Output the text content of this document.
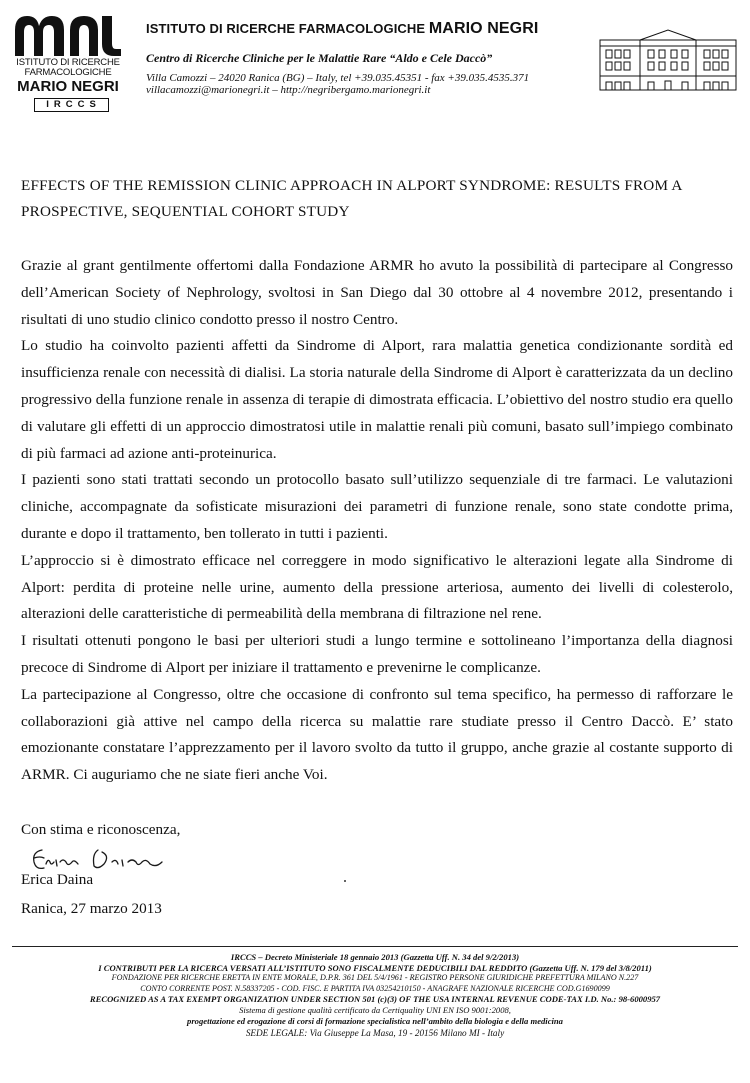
ISTITUTO DI RICERCHE
FARMACOLOGICHE
MARIO NEGRI
IRCCS
ISTITUTO DI RICERCHE FARMACOLOGICHE MARIO NEGRI
Centro di Ricerche Cliniche per le Malattie Rare “Aldo e Cele Daccò”
Villa Camozzi – 24020 Ranica (BG) – Italy, tel +39.035.45351 - fax +39.035.4535.371
villacamozzi@marionegri.it – http://negribergamo.marionegri.it
EFFECTS OF THE REMISSION CLINIC APPROACH IN ALPORT SYNDROME: RESULTS FROM A PROSPECTIVE, SEQUENTIAL COHORT STUDY

Grazie al grant gentilmente offertomi dalla Fondazione ARMR ho avuto la possibilità di partecipare al Congresso dell’American Society of Nephrology, svoltosi in San Diego dal 30 ottobre al 4 novembre 2012, presentando i risultati di uno studio clinico condotto presso il nostro Centro.

Lo studio ha coinvolto pazienti affetti da Sindrome di Alport, rara malattia genetica condizionante sordità ed insufficienza renale con necessità di dialisi. La storia naturale della Sindrome di Alport è caratterizzata da un declino progressivo della funzione renale in assenza di terapie di dimostrata efficacia. L’obiettivo del nostro studio era quello di valutare gli effetti di un approccio dimostratosi utile in malattie renali più comuni, basato sull’impiego combinato di più farmaci ad azione anti-proteinurica.

I pazienti sono stati trattati secondo un protocollo basato sull’utilizzo sequenziale di tre farmaci. Le valutazioni cliniche, accompagnate da sofisticate misurazioni dei parametri di funzione renale, sono state condotte prima, durante e dopo il trattamento, ben tollerato in tutti i pazienti.

L’approccio si è dimostrato efficace nel correggere in modo significativo le alterazioni legate alla Sindrome di Alport: perdita di proteine nelle urine, aumento della pressione arteriosa, aumento dei livelli di colesterolo, alterazioni delle caratteristiche di permeabilità della membrana di filtrazione nel rene.

I risultati ottenuti pongono le basi per ulteriori studi a lungo termine e sottolineano l’importanza della diagnosi precoce di Sindrome di Alport per iniziare il trattamento e prevenirne le complicanze.

La partecipazione al Congresso, oltre che occasione di confronto sul tema specifico, ha permesso di rafforzare le collaborazioni già attive nel campo della ricerca su malattie rare studiate presso il Centro Daccò. E’ stato emozionante constatare l’apprezzamento per il lavoro svolto da tutto il gruppo, anche grazie al costante supporto di ARMR. Ci auguriamo che ne siate fieri anche Voi.

Con stima e riconoscenza,
Erica Daina
Ranica, 27 marzo 2013
IRCCS – Decreto Ministeriale 18 gennaio 2013 (Gazzetta Uff. N. 34 del 9/2/2013)
I CONTRIBUTI PER LA RICERCA VERSATI ALL’ISTITUTO SONO FISCALMENTE DEDUCIBILI DAL REDDITO (Gazzetta Uff. N. 179 del 3/8/2011)
FONDAZIONE PER RICERCHE ERETTA IN ENTE MORALE, D.P.R. 361 DEL 5/4/1961 - REGISTRO PERSONE GIURIDICHE PREFETTURA MILANO N.227
CONTO CORRENTE POST. N.58337205 - COD. FISC. E PARTITA IVA 03254210150 - ANAGRAFE NAZIONALE RICERCHE COD.G1690099
RECOGNIZED AS A TAX EXEMPT ORGANIZATION UNDER SECTION 501 (c)(3) OF THE USA INTERNAL REVENUE CODE-TAX I.D. No.: 98-6000957
Sistema di gestione qualità certificato da Certiquality UNI EN ISO 9001:2008,
progettazione ed erogazione di corsi di formazione specialistica nell’ambito della biologia e della medicina
SEDE LEGALE: Via Giuseppe La Masa, 19 - 20156 Milano MI - Italy
